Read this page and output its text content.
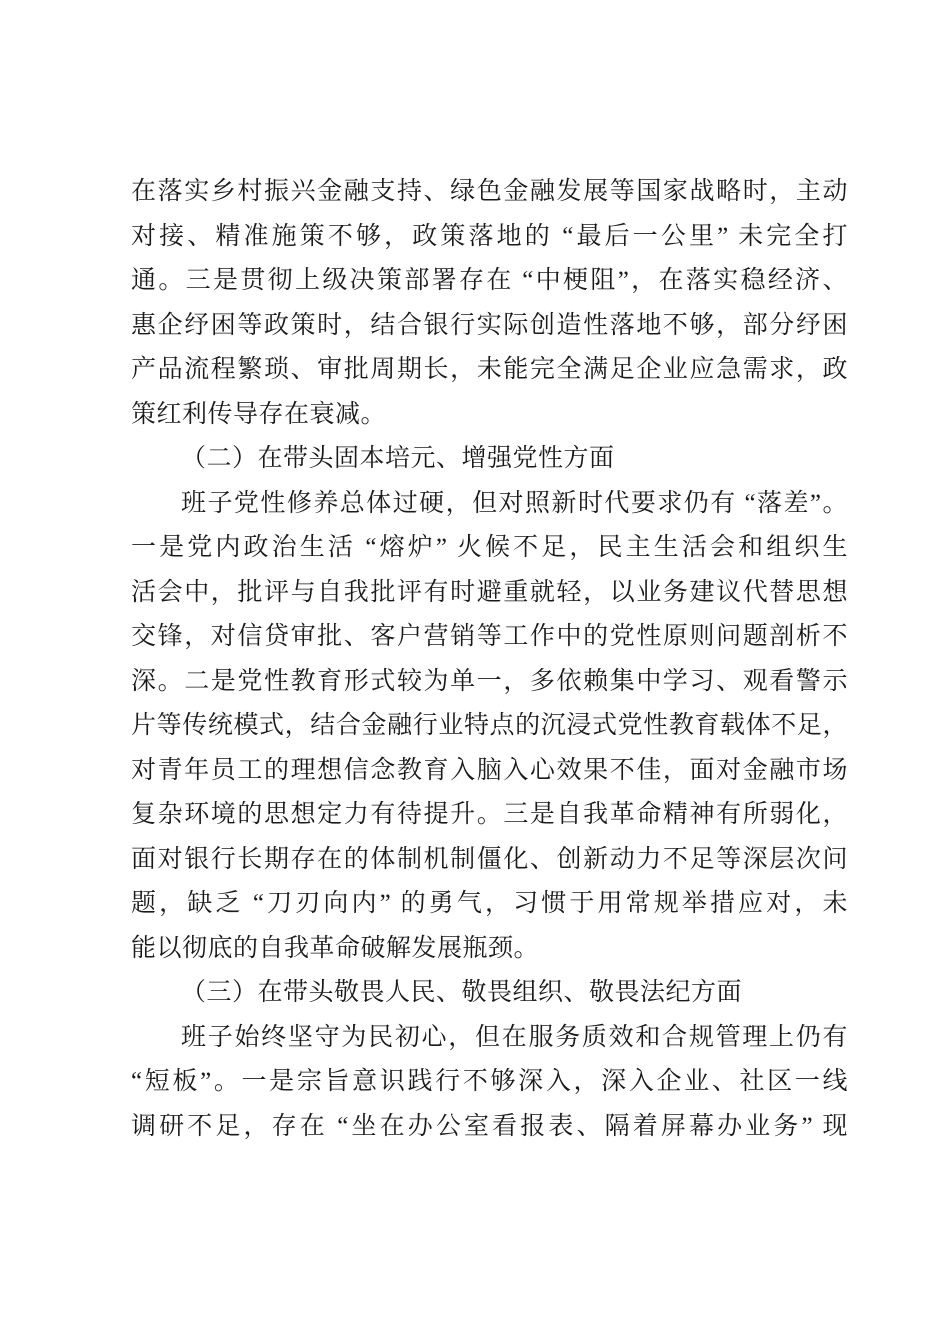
在落实乡村振兴金融支持、绿色金融发展等国家战略时，主动
对接、精准施策不够，政策落地的 “最后一公里” 未完全打
通。三是贯彻上级决策部署存在 “中梗阻”，在落实稳经济、
惠企纾困等政策时，结合银行实际创造性落地不够，部分纾困
产品流程繁琐、审批周期长，未能完全满足企业应急需求，政
策红利传导存在衰减。
（二）在带头固本培元、增强党性方面
班子党性修养总体过硬，但对照新时代要求仍有 “落差”。
一是党内政治生活 “熔炉” 火候不足，民主生活会和组织生
活会中，批评与自我批评有时避重就轻，以业务建议代替思想
交锋，对信贷审批、客户营销等工作中的党性原则问题剖析不
深。二是党性教育形式较为单一，多依赖集中学习、观看警示
片等传统模式，结合金融行业特点的沉浸式党性教育载体不足，
对青年员工的理想信念教育入脑入心效果不佳，面对金融市场
复杂环境的思想定力有待提升。三是自我革命精神有所弱化，
面对银行长期存在的体制机制僵化、创新动力不足等深层次问
题，缺乏 “刀刃向内” 的勇气，习惯于用常规举措应对，未
能以彻底的自我革命破解发展瓶颈。
（三）在带头敬畏人民、敬畏组织、敬畏法纪方面
班子始终坚守为民初心，但在服务质效和合规管理上仍有
“短板”。一是宗旨意识践行不够深入，深入企业、社区一线
调研不足，存在 “坐在办公室看报表、隔着屏幕办业务” 现
